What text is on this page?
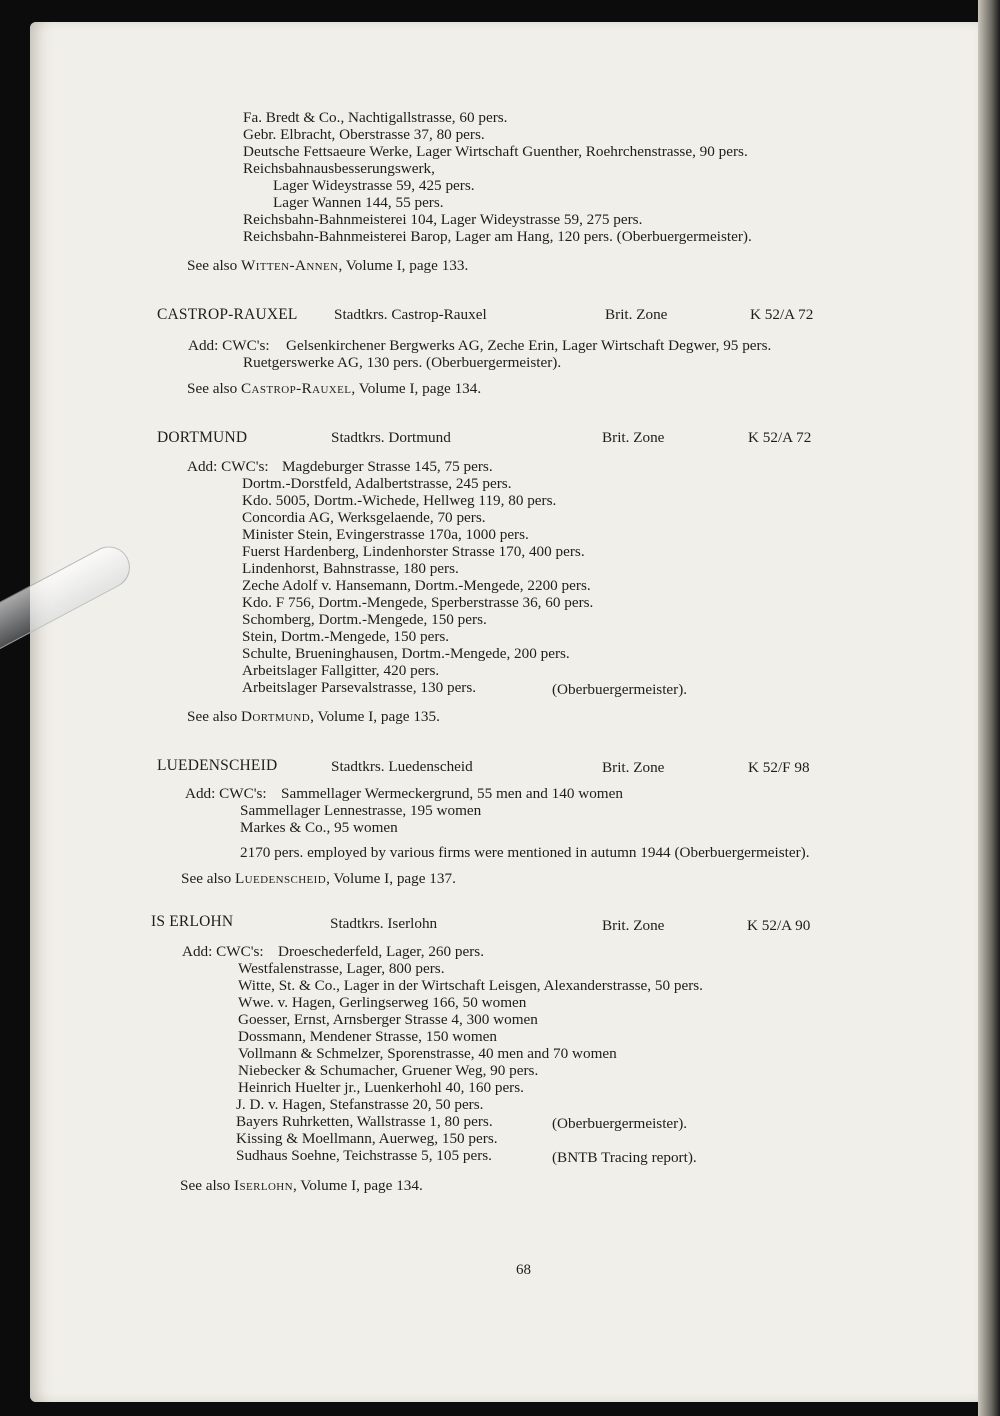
Fa. Bredt & Co., Nachtigallstrasse, 60 pers.
Gebr. Elbracht, Oberstrasse 37, 80 pers.
Deutsche Fettsaeure Werke, Lager Wirtschaft Guenther, Roehrchenstrasse, 90 pers.
Reichsbahnausbesserungswerk,
Lager Wideystrasse 59, 425 pers.
Lager Wannen 144, 55 pers.
Reichsbahn-Bahnmeisterei 104, Lager Wideystrasse 59, 275 pers.
Reichsbahn-Bahnmeisterei Barop, Lager am Hang, 120 pers. (Oberbuergermeister).
See also Witten-Annen, Volume I, page 133.
CASTROP-RAUXEL Stadtkrs. Castrop-Rauxel	Brit. Zone	K 52/A 72
Add: CWC's: Gelsenkirchener Bergwerks AG, Zeche Erin, Lager Wirtschaft Degwer, 95 pers.
Ruetgerswerke AG, 130 pers. (Oberbuergermeister).
See also Castrop-Rauxel, Volume I, page 134.
DORTMUND	Stadtkrs. Dortmund	Brit. Zone	K 52/A 72
Add: CWC's: Magdeburger Strasse 145, 75 pers.
Dortm.-Dorstfeld, Adalbertstrasse, 245 pers.
Kdo. 5005, Dortm.-Wichede, Hellweg 119, 80 pers.
Concordia AG, Werksgelaende, 70 pers.
Minister Stein, Evingerstrasse 170a, 1000 pers.
Fuerst Hardenberg, Lindenhorster Strasse 170, 400 pers.
Lindenhorst, Bahnstrasse, 180 pers.
Zeche Adolf v. Hansemann, Dortm.-Mengede, 2200 pers.
Kdo. F 756, Dortm.-Mengede, Sperberstrasse 36, 60 pers.
Schomberg, Dortm.-Mengede, 150 pers.
Stein, Dortm.-Mengede, 150 pers.
Schulte, Brueninghausen, Dortm.-Mengede, 200 pers.
Arbeitslager Fallgitter, 420 pers.
Arbeitslager Parsevalstrasse, 130 pers.	(Oberbuergermeister).
See also Dortmund, Volume I, page 135.
LUEDENSCHEID	Stadtkrs. Luedenscheid	Brit. Zone	K 52/F 98
Add: CWC's: Sammellager Wermeckergrund, 55 men and 140 women
Sammellager Lennestrasse, 195 women
Markes & Co., 95 women
2170 pers. employed by various firms were mentioned in autumn 1944 (Oberbuergermeister).
See also Luedenscheid, Volume I, page 137.
IS ERLOHN	Stadtkrs. Iserlohn	Brit. Zone	K 52/A 90
Add: CWC's: Droeschederfeld, Lager, 260 pers.
Westfalenstrasse, Lager, 800 pers.
Witte, St. & Co., Lager in der Wirtschaft Leisgen, Alexanderstrasse, 50 pers.
Wwe. v. Hagen, Gerlingserweg 166, 50 women
Goesser, Ernst, Arnsberger Strasse 4, 300 women
Dossmann, Mendener Strasse, 150 women
Vollmann & Schmelzer, Sporenstrasse, 40 men and 70 women
Niebecker & Schumacher, Gruener Weg, 90 pers.
Heinrich Huelter jr., Luenkerhohl 40, 160 pers.
J. D. v. Hagen, Stefanstrasse 20, 50 pers.
Bayers Ruhrketten, Wallstrasse 1, 80 pers.	(Oberbuergermeister).
Kissing & Moellmann, Auerweg, 150 pers.
Sudhaus Soehne, Teichstrasse 5, 105 pers.	(BNTB Tracing report).
See also Iserlohn, Volume I, page 134.
68
